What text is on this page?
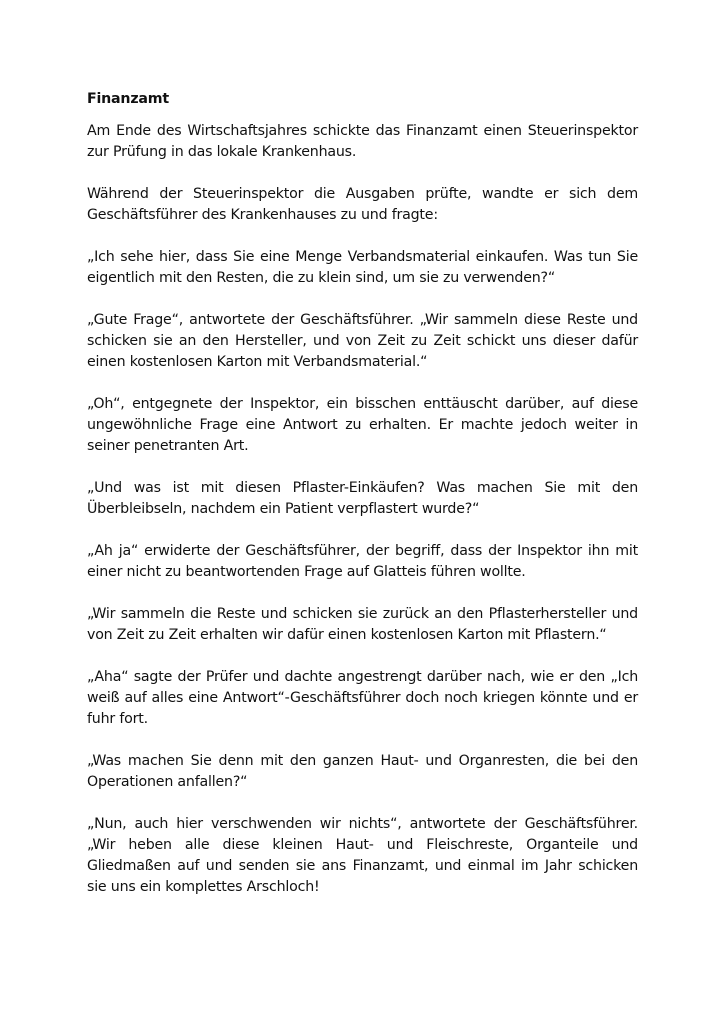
Finanzamt

Am Ende des Wirtschaftsjahres schickte das Finanzamt einen Steuerinspektor zur Prüfung in das lokale Krankenhaus.

Während der Steuerinspektor die Ausgaben prüfte, wandte er sich dem Geschäftsführer des Krankenhauses zu und fragte:

„Ich sehe hier, dass Sie eine Menge Verbandsmaterial einkaufen. Was tun Sie eigentlich mit den Resten, die zu klein sind, um sie zu verwenden?“

„Gute Frage“, antwortete der Geschäftsführer. „Wir sammeln diese Reste und schicken sie an den Hersteller, und von Zeit zu Zeit schickt uns dieser dafür einen kostenlosen Karton mit Verbandsmaterial.“

„Oh“, entgegnete der Inspektor, ein bisschen enttäuscht darüber, auf diese ungewöhnliche Frage eine Antwort zu erhalten. Er machte jedoch weiter in seiner penetranten Art.

„Und was ist mit diesen Pflaster-Einkäufen? Was machen Sie mit den Überbleibseln, nachdem ein Patient verpflastert wurde?“

„Ah ja“ erwiderte der Geschäftsführer, der begriff, dass der Inspektor ihn mit einer nicht zu beantwortenden Frage auf Glatteis führen wollte.

„Wir sammeln die Reste und schicken sie zurück an den Pflasterhersteller und von Zeit zu Zeit erhalten wir dafür einen kostenlosen Karton mit Pflastern.“

„Aha“ sagte der Prüfer und dachte angestrengt darüber nach, wie er den „Ich weiß auf alles eine Antwort“-Geschäftsführer doch noch kriegen könnte und er fuhr fort.

„Was machen Sie denn mit den ganzen Haut- und Organresten, die bei den Operationen anfallen?“

„Nun, auch hier verschwenden wir nichts“, antwortete der Geschäftsführer. „Wir heben alle diese kleinen Haut- und Fleischreste, Organteile und Gliedmaßen auf und senden sie ans Finanzamt, und einmal im Jahr schicken sie uns ein komplettes Arschloch!
